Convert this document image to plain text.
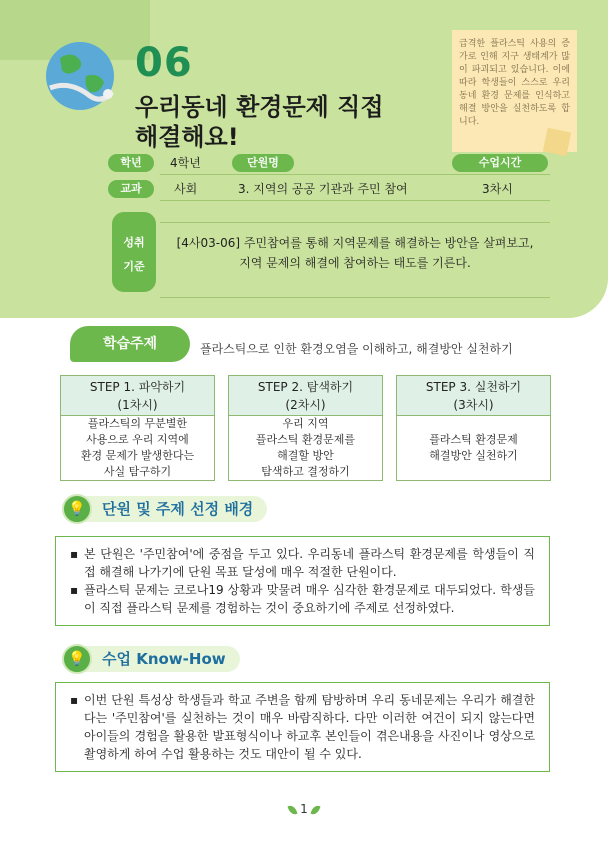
06
우리동네 환경문제 직접
해결해요!
급격한 플라스틱 사용의 증가로 인해 지구 생태계가 많이 파괴되고 있습니다. 이에 따라 학생들이 스스로 우리동네 환경 문제를 인식하고 해결 방안을 실천하도록 합니다.
학년	4학년	단원명	수업시간
교과	사회	3. 지역의 공공 기관과 주민 참여	3차시
성취
기준
[4사03-06] 주민참여를 통해 지역문제를 해결하는 방안을 살펴보고,
지역 문제의 해결에 참여하는 태도를 기른다.
학습주제	플라스틱으로 인한 환경오염을 이해하고, 해결방안 실천하기
STEP 1. 파악하기
(1차시)
플라스틱의 무분별한
사용으로 우리 지역에
환경 문제가 발생한다는
사실 탐구하기
STEP 2. 탐색하기
(2차시)
우리 지역
플라스틱 환경문제를
해결할 방안
탐색하고 결정하기
STEP 3. 실천하기
(3차시)
플라스틱 환경문제
해결방안 실천하기
단원 및 주제 선정 배경
💡
▪ 본 단원은 '주민참여'에 중점을 두고 있다. 우리동네 플라스틱 환경문제를 학생들이 직접 해결해 나가기에 단원 목표 달성에 매우 적절한 단원이다.
▪ 플라스틱 문제는 코로나19 상황과 맞물려 매우 심각한 환경문제로 대두되었다. 학생들이 직접 플라스틱 문제를 경험하는 것이 중요하기에 주제로 선정하였다.
수업 Know-How
💡
▪ 이번 단원 특성상 학생들과 학교 주변을 함께 탐방하며 우리 동네문제는 우리가 해결한다는 '주민참여'를 실천하는 것이 매우 바람직하다. 다만 이러한 여건이 되지 않는다면 아이들의 경험을 활용한 발표형식이나 하교후 본인들이 겪은내용을 사진이나 영상으로 촬영하게 하여 수업 활용하는 것도 대안이 될 수 있다.
1
